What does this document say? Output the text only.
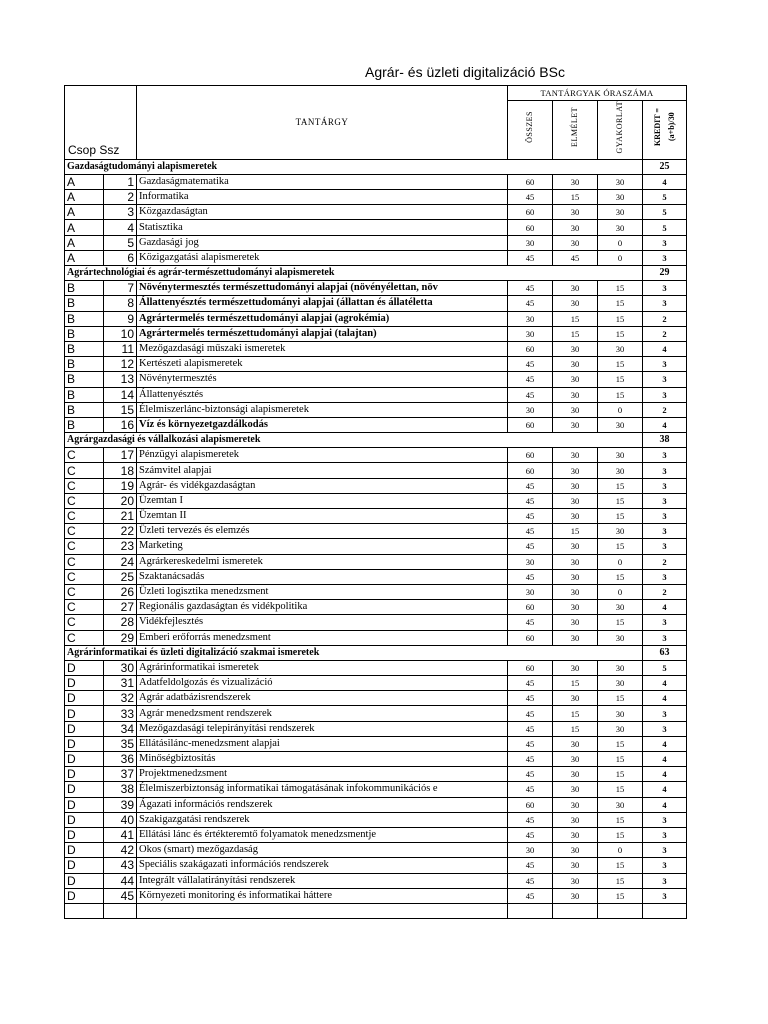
Agrár- és üzleti digitalizáció BSc
Csop Ssz		TANTÁRGY	TANTÁRGYAK ÓRASZÁMA			
			ÖSSZES	ELMÉLET	GYAKORLAT	KREDIT = (a+b)/30
Gazdaságtudományi alapismeretek						25
A	1	Gazdaságmatematika	60	30	30	4
A	2	Informatika	45	15	30	5
A	3	Közgazdaságtan	60	30	30	5
A	4	Statisztika	60	30	30	5
A	5	Gazdasági jog	30	30	0	3
A	6	Közigazgatási alapismeretek	45	45	0	3
Agrártechnológiai és agrár-természettudományi alapismeretek						29
B	7	Növénytermesztés természettudományi alapjai (növényélettan, növ	45	30	15	3
B	8	Állattenyésztés természettudományi alapjai (állattan és állatéletta	45	30	15	3
B	9	Agrártermelés természettudományi alapjai (agrokémia)	30	15	15	2
B	10	Agrártermelés természettudományi alapjai (talajtan)	30	15	15	2
B	11	Mezőgazdasági műszaki ismeretek	60	30	30	4
B	12	Kertészeti alapismeretek	45	30	15	3
B	13	Növénytermesztés	45	30	15	3
B	14	Állattenyésztés	45	30	15	3
B	15	Élelmiszerlánc-biztonsági alapismeretek	30	30	0	2
B	16	Víz és környezetgazdálkodás	60	30	30	4
Agrárgazdasági és vállalkozási alapismeretek						38
C	17	Pénzügyi alapismeretek	60	30	30	3
C	18	Számvitel alapjai	60	30	30	3
C	19	Agrár- és vidékgazdaságtan	45	30	15	3
C	20	Üzemtan I	45	30	15	3
C	21	Üzemtan II	45	30	15	3
C	22	Üzleti tervezés és elemzés	45	15	30	3
C	23	Marketing	45	30	15	3
C	24	Agrárkereskedelmi ismeretek	30	30	0	2
C	25	Szaktanácsadás	45	30	15	3
C	26	Üzleti logisztika menedzsment	30	30	0	2
C	27	Regionális gazdaságtan és vidékpolitika	60	30	30	4
C	28	Vidékfejlesztés	45	30	15	3
C	29	Emberi erőforrás menedzsment	60	30	30	3
Agrárinformatikai és üzleti digitalizáció szakmai ismeretek						63
D	30	Agrárinformatikai ismeretek	60	30	30	5
D	31	Adatfeldolgozás és vizualizáció	45	15	30	4
D	32	Agrár adatbázisrendszerek	45	30	15	4
D	33	Agrár menedzsment rendszerek	45	15	30	3
D	34	Mezőgazdasági telepirányítási rendszerek	45	15	30	3
D	35	Ellátásilánc-menedzsment alapjai	45	30	15	4
D	36	Minőségbiztosítás	45	30	15	4
D	37	Projektmenedzsment	45	30	15	4
D	38	Élelmiszerbiztonság informatikai támogatásának infokommunikációs e	45	30	15	4
D	39	Ágazati információs rendszerek	60	30	30	4
D	40	Szakigazgatási rendszerek	45	30	15	3
D	41	Ellátási lánc és értékteremtő folyamatok menedzsmentje	45	30	15	3
D	42	Okos (smart) mezőgazdaság	30	30	0	3
D	43	Speciális szakágazati információs rendszerek	45	30	15	3
D	44	Integrált vállalatirányítási rendszerek	45	30	15	3
D	45	Környezeti monitoring és informatikai háttere	45	30	15	3
